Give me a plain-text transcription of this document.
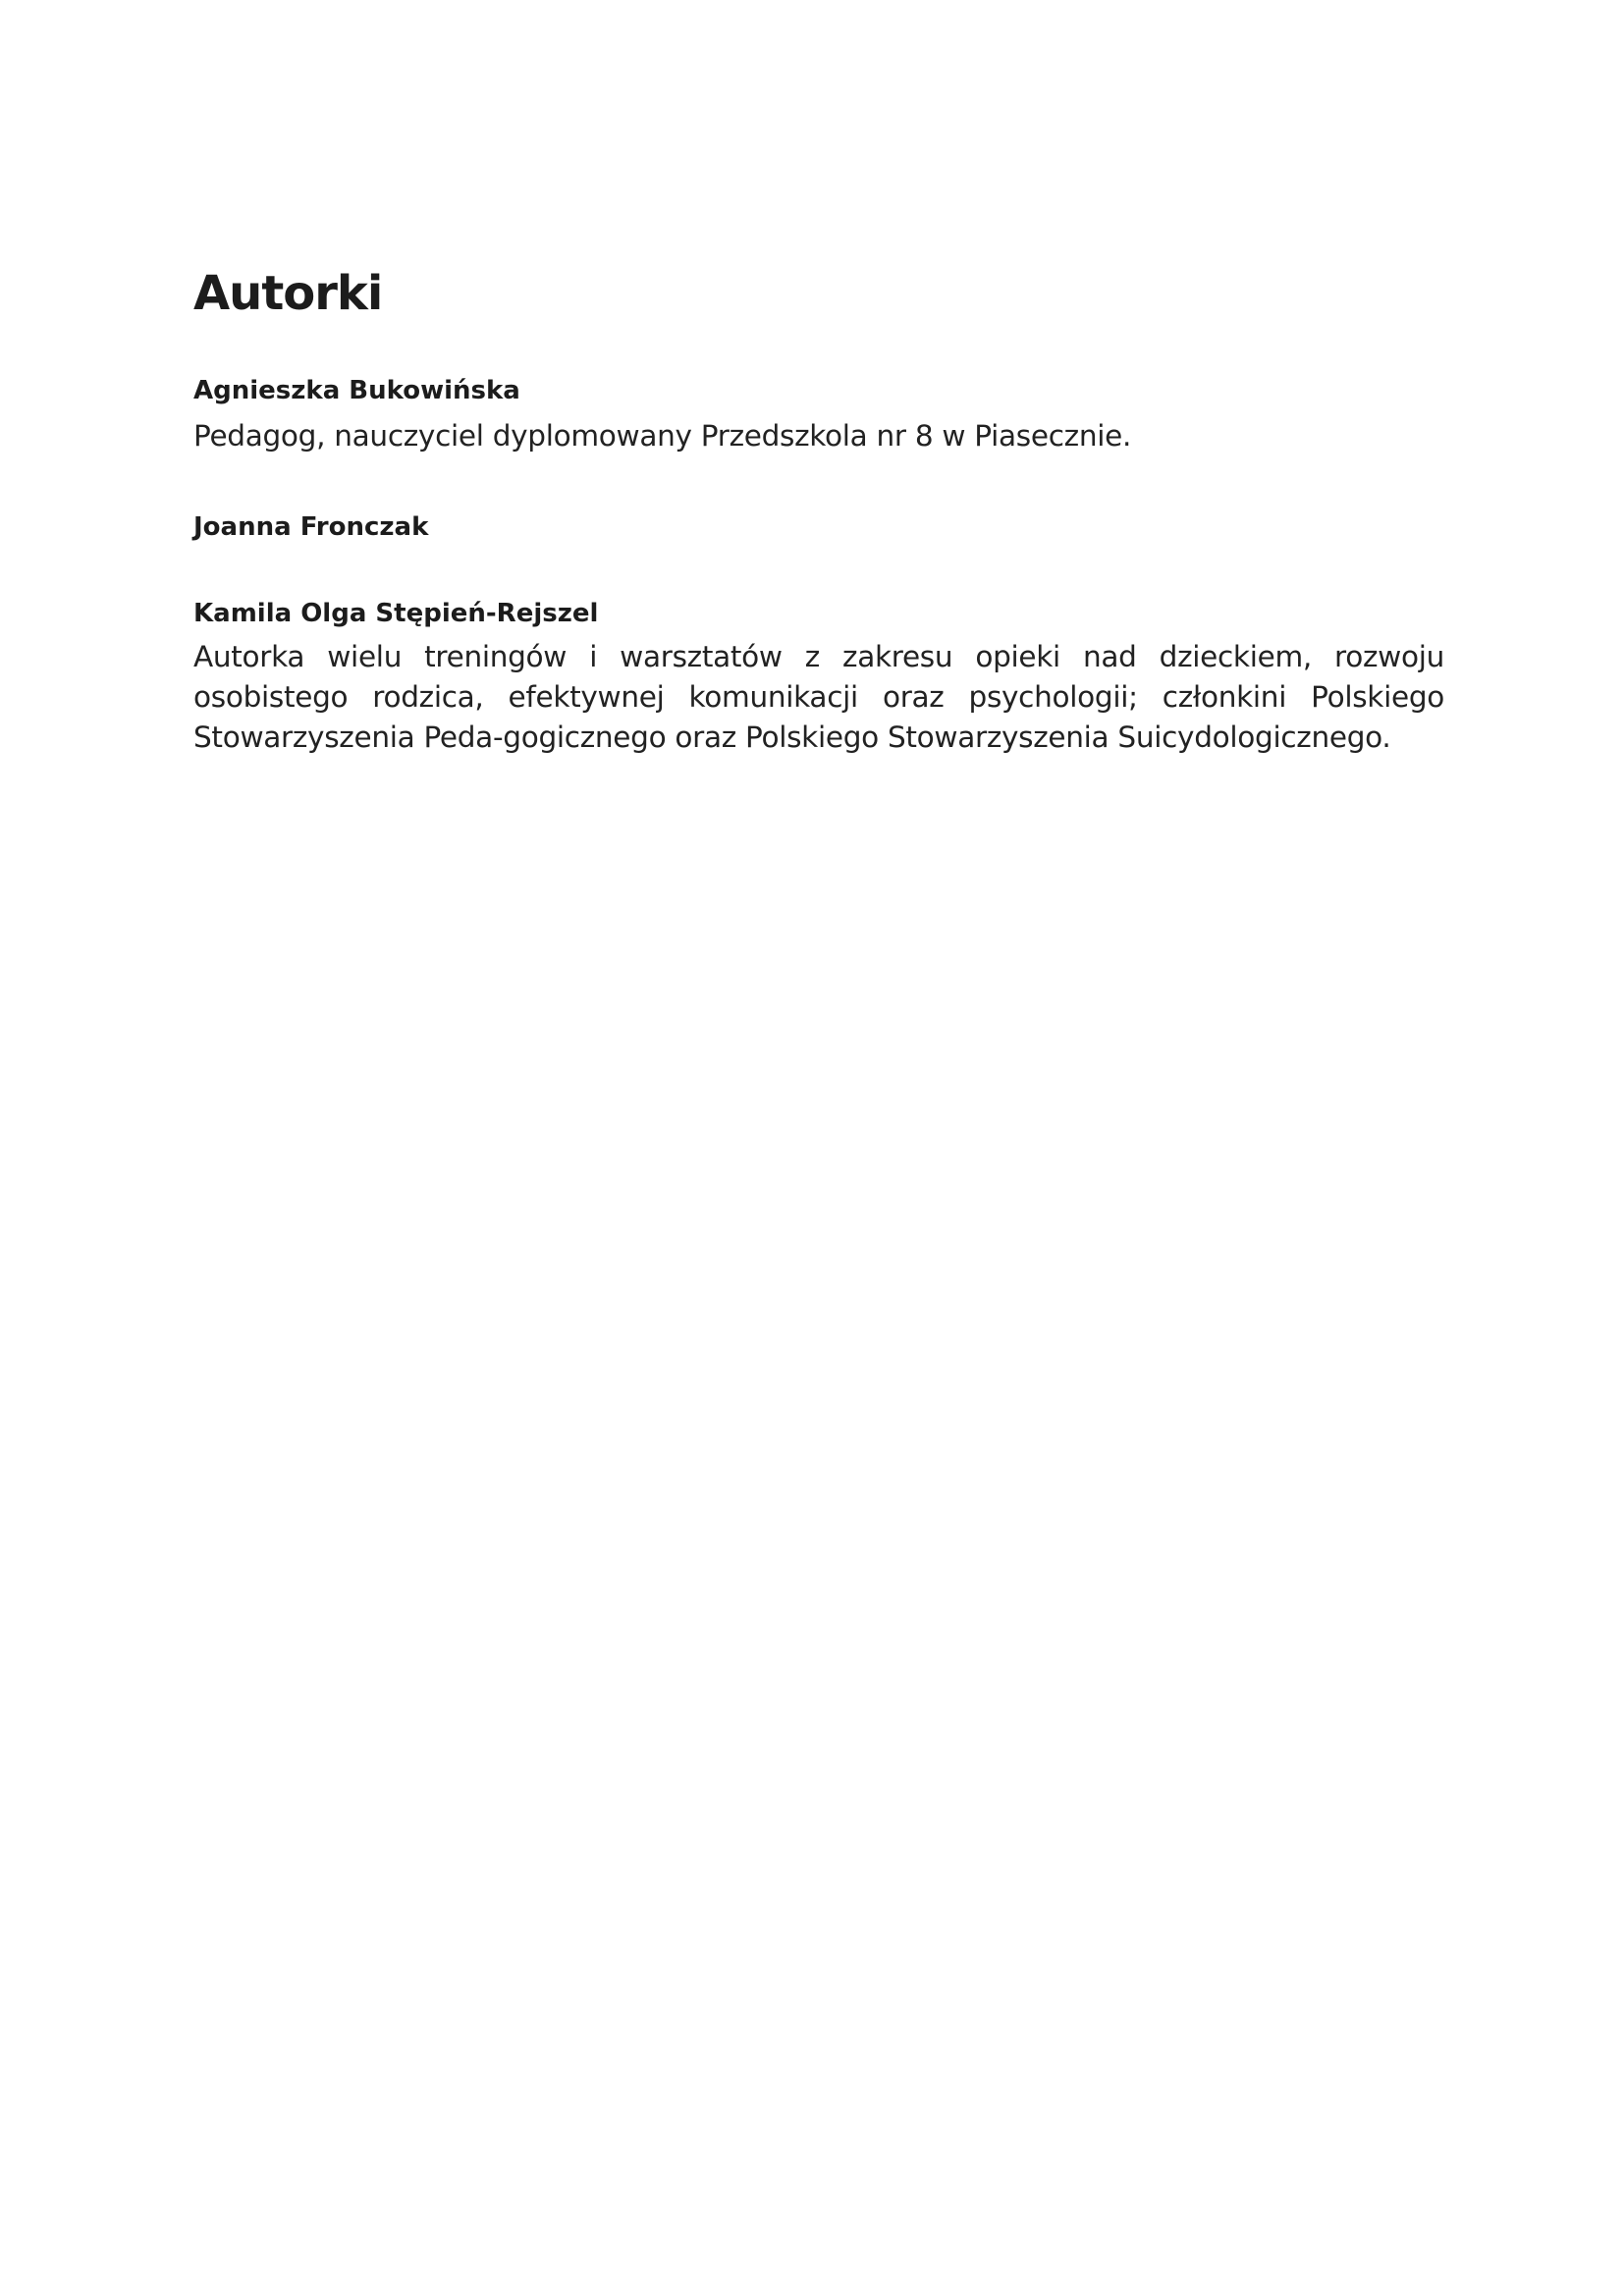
Autorki

Agnieszka Bukowińska

Pedagog, nauczyciel dyplomowany Przedszkola nr 8 w Piasecznie.

Joanna Fronczak

Kamila Olga Stępień-Rejszel

Autorka wielu treningów i warsztatów z zakresu opieki nad dzieckiem, rozwoju osobistego rodzica, efektywnej komunikacji oraz psychologii; członkini Polskiego Stowarzyszenia Peda-gogicznego oraz Polskiego Stowarzyszenia Suicydologicznego.
